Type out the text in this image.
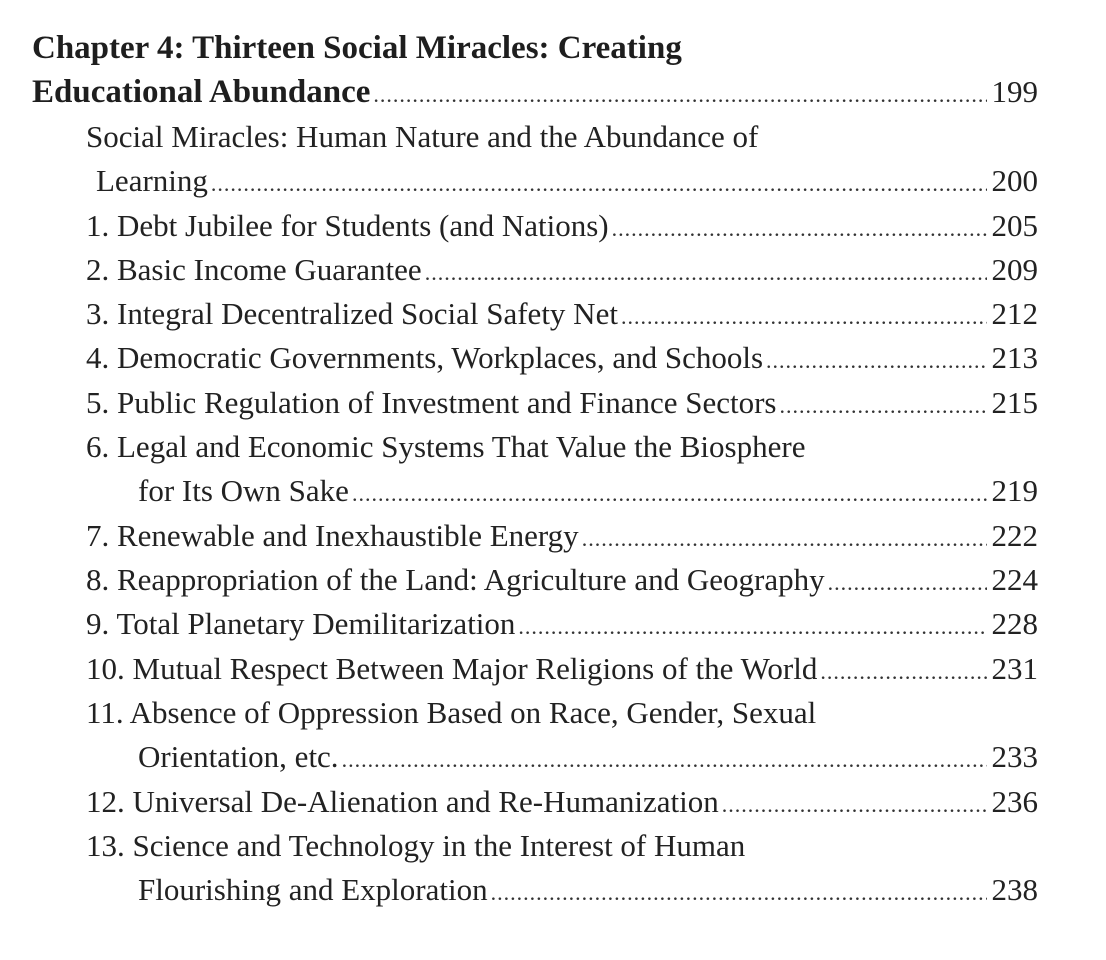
Chapter 4: Thirteen Social Miracles: Creating
Educational Abundance .....	199
Social Miracles: Human Nature and the Abundance of
Learning .....	200
1. Debt Jubilee for Students (and Nations) .....	205
2. Basic Income Guarantee .....	209
3. Integral Decentralized Social Safety Net .....	212
4. Democratic Governments, Workplaces, and Schools .....	213
5. Public Regulation of Investment and Finance Sectors .....	215
6. Legal and Economic Systems That Value the Biosphere
for Its Own Sake .....	219
7. Renewable and Inexhaustible Energy .....	222
8. Reappropriation of the Land: Agriculture and Geography .....	224
9. Total Planetary Demilitarization .....	228
10. Mutual Respect Between Major Religions of the World .....	231
11. Absence of Oppression Based on Race, Gender, Sexual
Orientation, etc. .....	233
12. Universal De-Alienation and Re-Humanization .....	236
13. Science and Technology in the Interest of Human
Flourishing and Exploration .....	238
